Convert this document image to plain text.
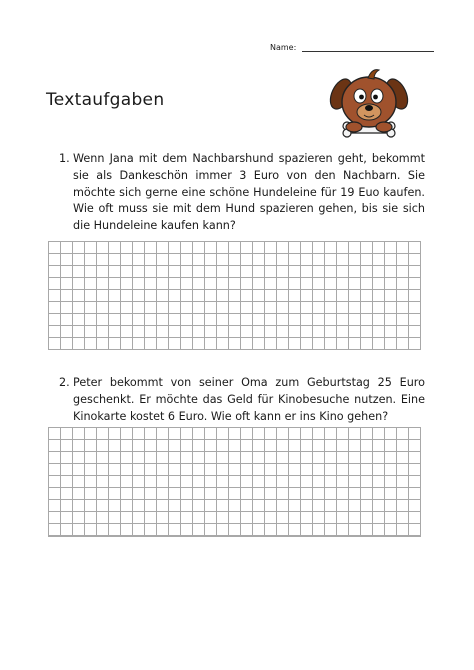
Name:
Textaufgaben
1. Wenn Jana mit dem Nachbarshund spazieren geht, bekommt sie als Dankeschön immer 3 Euro von den Nachbarn. Sie möchte sich gerne eine schöne Hundeleine für 19 Euo kaufen. Wie oft muss sie mit dem Hund spazieren gehen, bis sie sich die Hundeleine kaufen kann?
2. Peter bekommt von seiner Oma zum Geburtstag 25 Euro geschenkt. Er möchte das Geld für Kinobesuche nutzen. Eine Kinokarte kostet 6 Euro. Wie oft kann er ins Kino gehen?
